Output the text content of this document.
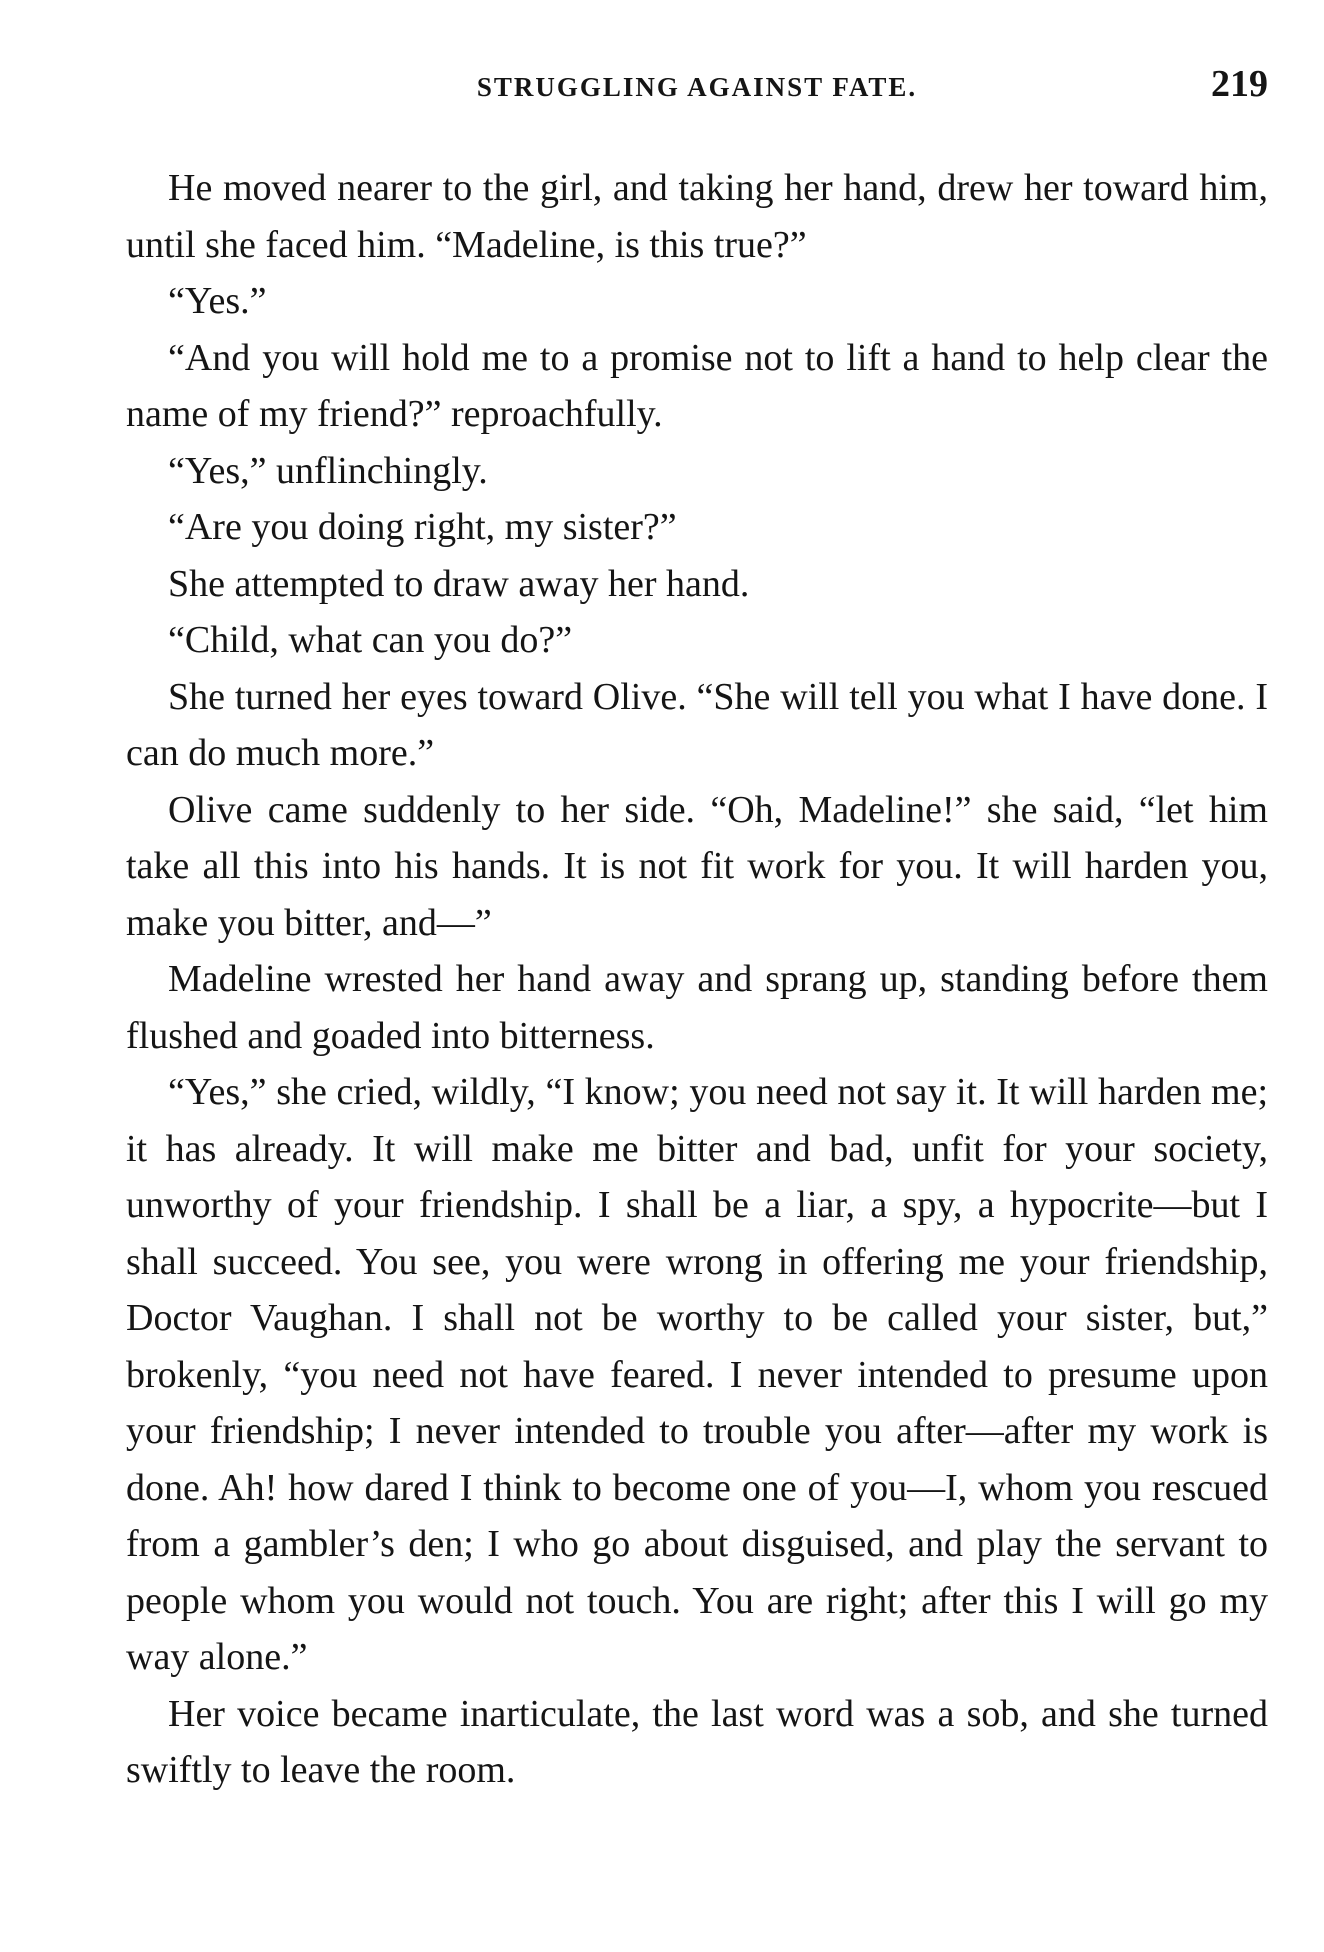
STRUGGLING AGAINST FATE.	219

He moved nearer to the girl, and taking her hand, drew her toward him, until she faced him. “Madeline, is this true?”

“Yes.”

“And you will hold me to a promise not to lift a hand to help clear the name of my friend?” reproachfully.

“Yes,” unflinchingly.

“Are you doing right, my sister?”

She attempted to draw away her hand.

“Child, what can you do?”

She turned her eyes toward Olive. “She will tell you what I have done. I can do much more.”

Olive came suddenly to her side. “Oh, Madeline!” she said, “let him take all this into his hands. It is not fit work for you. It will harden you, make you bitter, and—”

Madeline wrested her hand away and sprang up, standing before them flushed and goaded into bitterness.

“Yes,” she cried, wildly, “I know; you need not say it. It will harden me; it has already. It will make me bitter and bad, unfit for your society, unworthy of your friendship. I shall be a liar, a spy, a hypocrite—but I shall succeed. You see, you were wrong in offering me your friendship, Doctor Vaughan. I shall not be worthy to be called your sister, but,” brokenly, “you need not have feared. I never intended to presume upon your friendship; I never intended to trouble you after—after my work is done. Ah! how dared I think to become one of you—I, whom you rescued from a gambler’s den; I who go about disguised, and play the servant to people whom you would not touch. You are right; after this I will go my way alone.”

Her voice became inarticulate, the last word was a sob, and she turned swiftly to leave the room.
